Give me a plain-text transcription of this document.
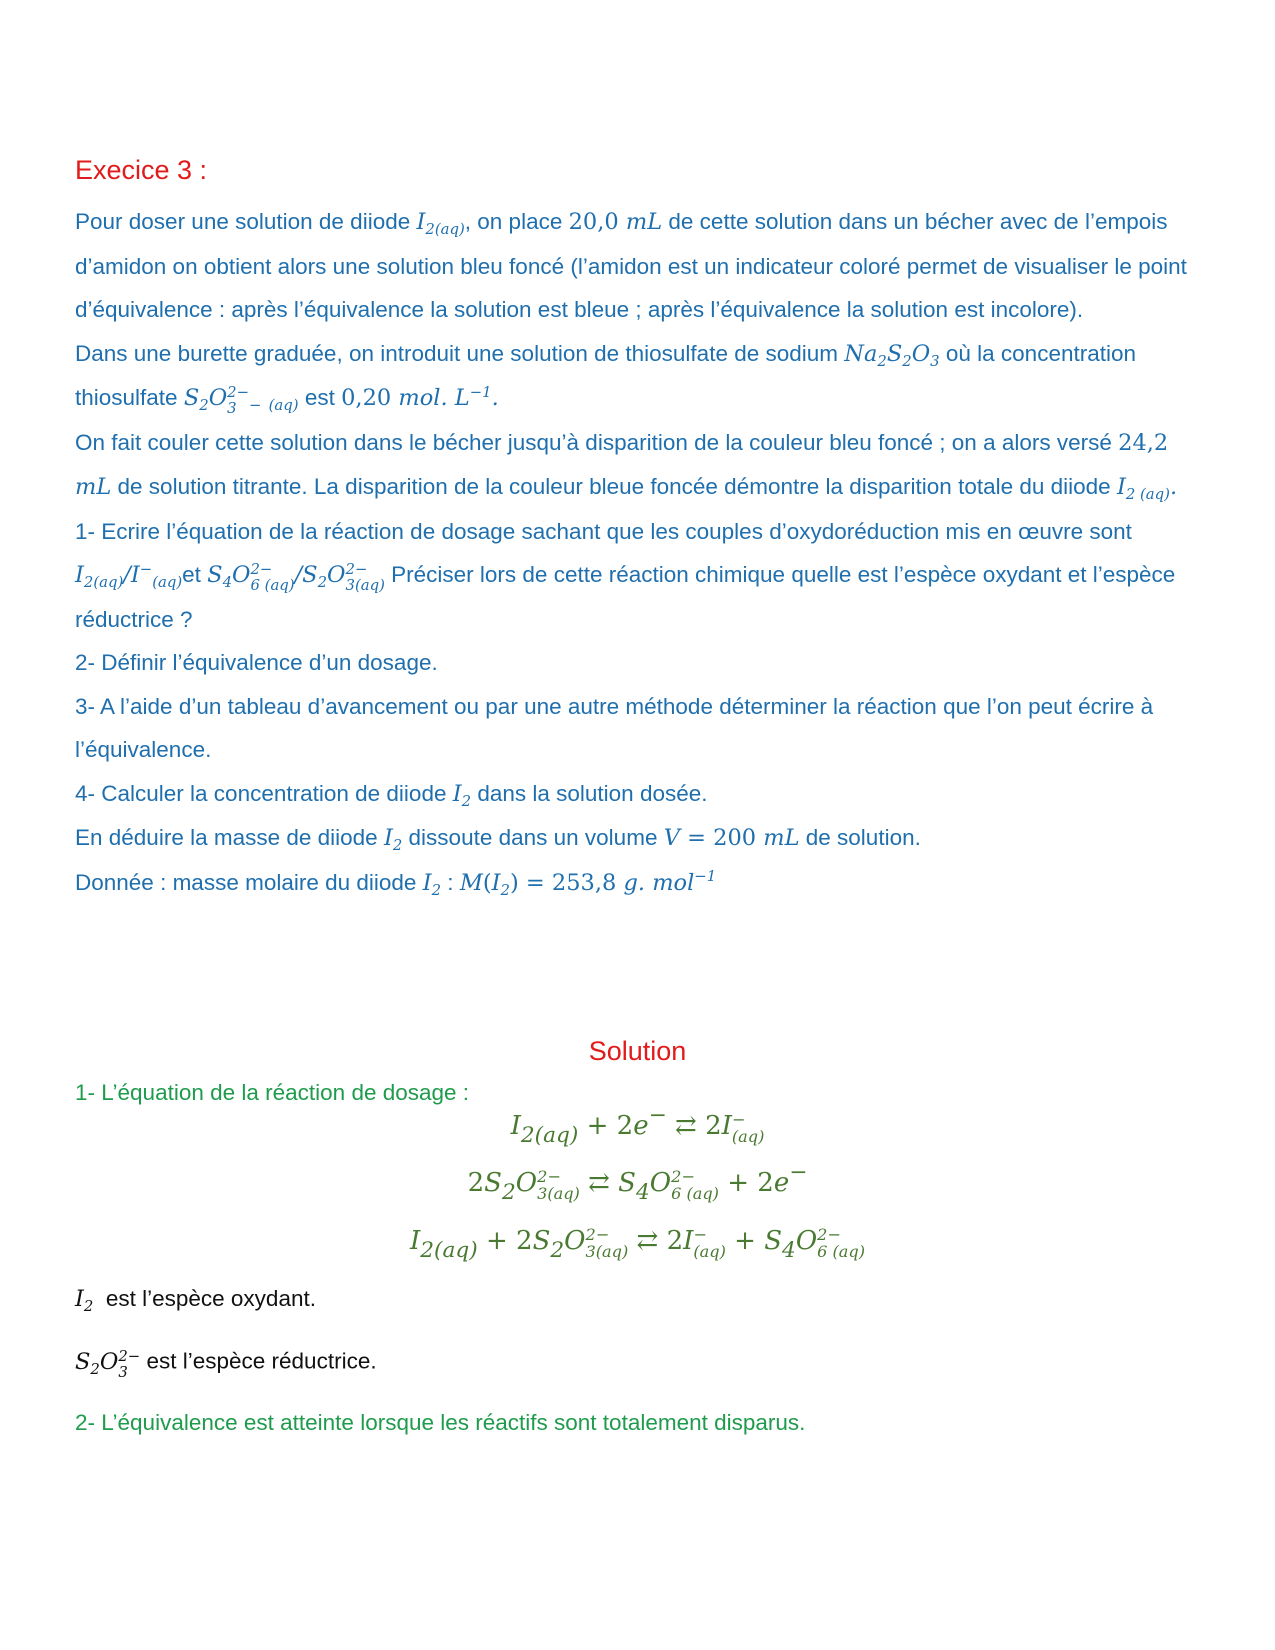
Execice 3 :

Pour doser une solution de diiode $I_{2(aq)}$, on place 20,0 mL de cette solution dans un bécher avec de l’empois d’amidon on obtient alors une solution bleu foncé (l’amidon est un indicateur coloré permet de visualiser le point d’équivalence : après l’équivalence la solution est bleue ; après l’équivalence la solution est incolore).

Dans une burette graduée, on introduit une solution de thiosulfate de sodium $Na_2S_2O_3$ où la concentration thiosulfate $S_2O$ 2−
3 − $_{(aq)}$ est 0,20 mol. $L^{-1}$.

On fait couler cette solution dans le bécher jusqu’à disparition de la couleur bleu foncé ; on a alors versé 24,2 mL de solution titrante. La disparition de la couleur bleue foncée démontre la disparition totale du diiode $I_{2 (aq)}$.

1- Ecrire l’équation de la réaction de dosage sachant que les couples d’oxydoréduction mis en œuvre sont $I_{2(aq)}/I^-_{(aq)}et$ $S_4O$ 2−
6 (aq) $/S_2O$ 2−
3(aq) Préciser lors de cette réaction chimique quelle est l’espèce oxydant et l’espèce réductrice ?

2- Définir l’équivalence d’un dosage.

3- A l’aide d’un tableau d’avancement ou par une autre méthode déterminer la réaction que l’on peut écrire à l’équivalence.

4- Calculer la concentration de diiode $I_2$ dans la solution dosée.

En déduire la masse de diiode $I_2$ dissoute dans un volume V = 200 mL de solution.

Donnée : masse molaire du diiode $I_2$ : $M(I_2) = 253,8$ g. mol$^{-1}$

Solution
1- L’équation de la réaction de dosage :
$I_{2(aq)} + 2e^-$ ⇄ 2I −
(aq)
$2S_2O$ 2−
3(aq) ⇄ $S_4O$ 2−
6 (aq) + 2e−
$I_{2(aq)} + 2S_2O$ 2−
3(aq) ⇄ 2I −
$(aq) + S_4O$ 2−
6 (aq)
$I_2$  est l’espèce oxydant.
$S_2O$ 2−
3 est l’espèce réductrice.
2- L’équivalence est atteinte lorsque les réactifs sont totalement disparus.
